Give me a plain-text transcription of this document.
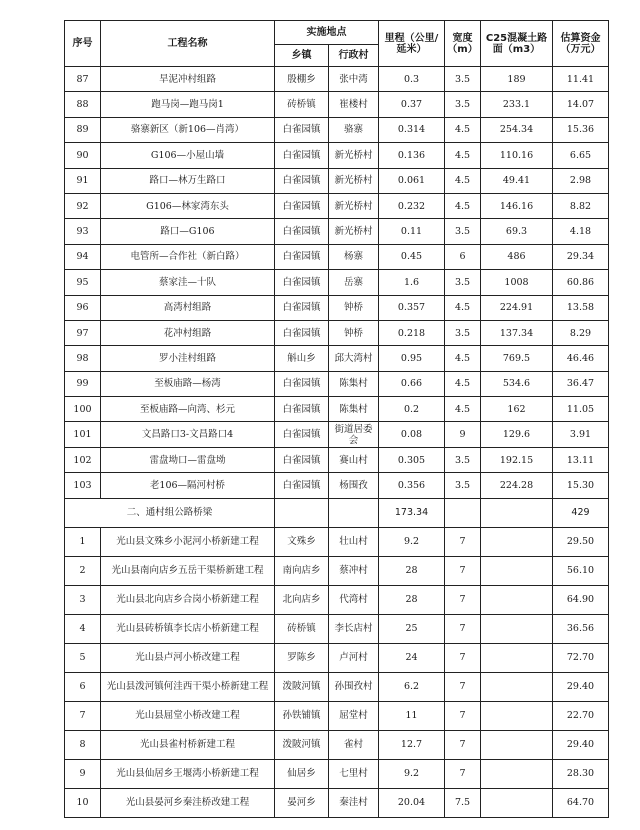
序号	工程名称	实施地点		里程（公里/延米）	宽度（m）	C25混凝土路面（m3）	估算资金（万元）
		乡镇	行政村				
87	旱泥冲村组路	殷棚乡	张中湾	0.3	3.5	189	11.41
88	跑马岗—跑马岗1	砖桥镇	崔楼村	0.37	3.5	233.1	14.07
89	骆寨新区（新106—肖湾）	白雀园镇	骆寨	0.314	4.5	254.34	15.36
90	G106—小屋山墙	白雀园镇	新光桥村	0.136	4.5	110.16	6.65
91	路口—林万生路口	白雀园镇	新光桥村	0.061	4.5	49.41	2.98
92	G106—林家湾东头	白雀园镇	新光桥村	0.232	4.5	146.16	8.82
93	路口—G106	白雀园镇	新光桥村	0.11	3.5	69.3	4.18
94	电管所—合作社（新白路）	白雀园镇	杨寨	0.45	6	486	29.34
95	蔡家洼—十队	白雀园镇	岳寨	1.6	3.5	1008	60.86
96	高湾村组路	白雀园镇	钟桥	0.357	4.5	224.91	13.58
97	花冲村组路	白雀园镇	钟桥	0.218	3.5	137.34	8.29
98	罗小洼村组路	斛山乡	邱大湾村	0.95	4.5	769.5	46.46
99	至板庙路—杨湾	白雀园镇	陈集村	0.66	4.5	534.6	36.47
100	至板庙路—向湾、杉元	白雀园镇	陈集村	0.2	4.5	162	11.05
101	文昌路口3-文昌路口4	白雀园镇	街道居委会	0.08	9	129.6	3.91
102	雷盘坳口—雷盘坳	白雀园镇	赛山村	0.305	3.5	192.15	13.11
103	老106—隔河村桥	白雀园镇	杨围孜	0.356	3.5	224.28	15.30
二、通村组公路桥梁				173.34			429
1	光山县文殊乡小泥河小桥新建工程	文殊乡	壮山村	9.2	7		29.50
2	光山县南向店乡五岳干渠桥新建工程	南向店乡	蔡冲村	28	7		56.10
3	光山县北向店乡合岗小桥新建工程	北向店乡	代湾村	28	7		64.90
4	光山县砖桥镇李长店小桥新建工程	砖桥镇	李长店村	25	7		36.56
5	光山县卢河小桥改建工程	罗陈乡	卢河村	24	7		72.70
6	光山县泼河镇何洼西干渠小桥新建工程	泼陂河镇	孙围孜村	6.2	7		29.40
7	光山县屈堂小桥改建工程	孙铁铺镇	屈堂村	11	7		22.70
8	光山县雀村桥新建工程	泼陂河镇	雀村	12.7	7		29.40
9	光山县仙居乡王堰湾小桥新建工程	仙居乡	七里村	9.2	7		28.30
10	光山县晏河乡秦洼桥改建工程	晏河乡	秦洼村	20.04	7.5		64.70
